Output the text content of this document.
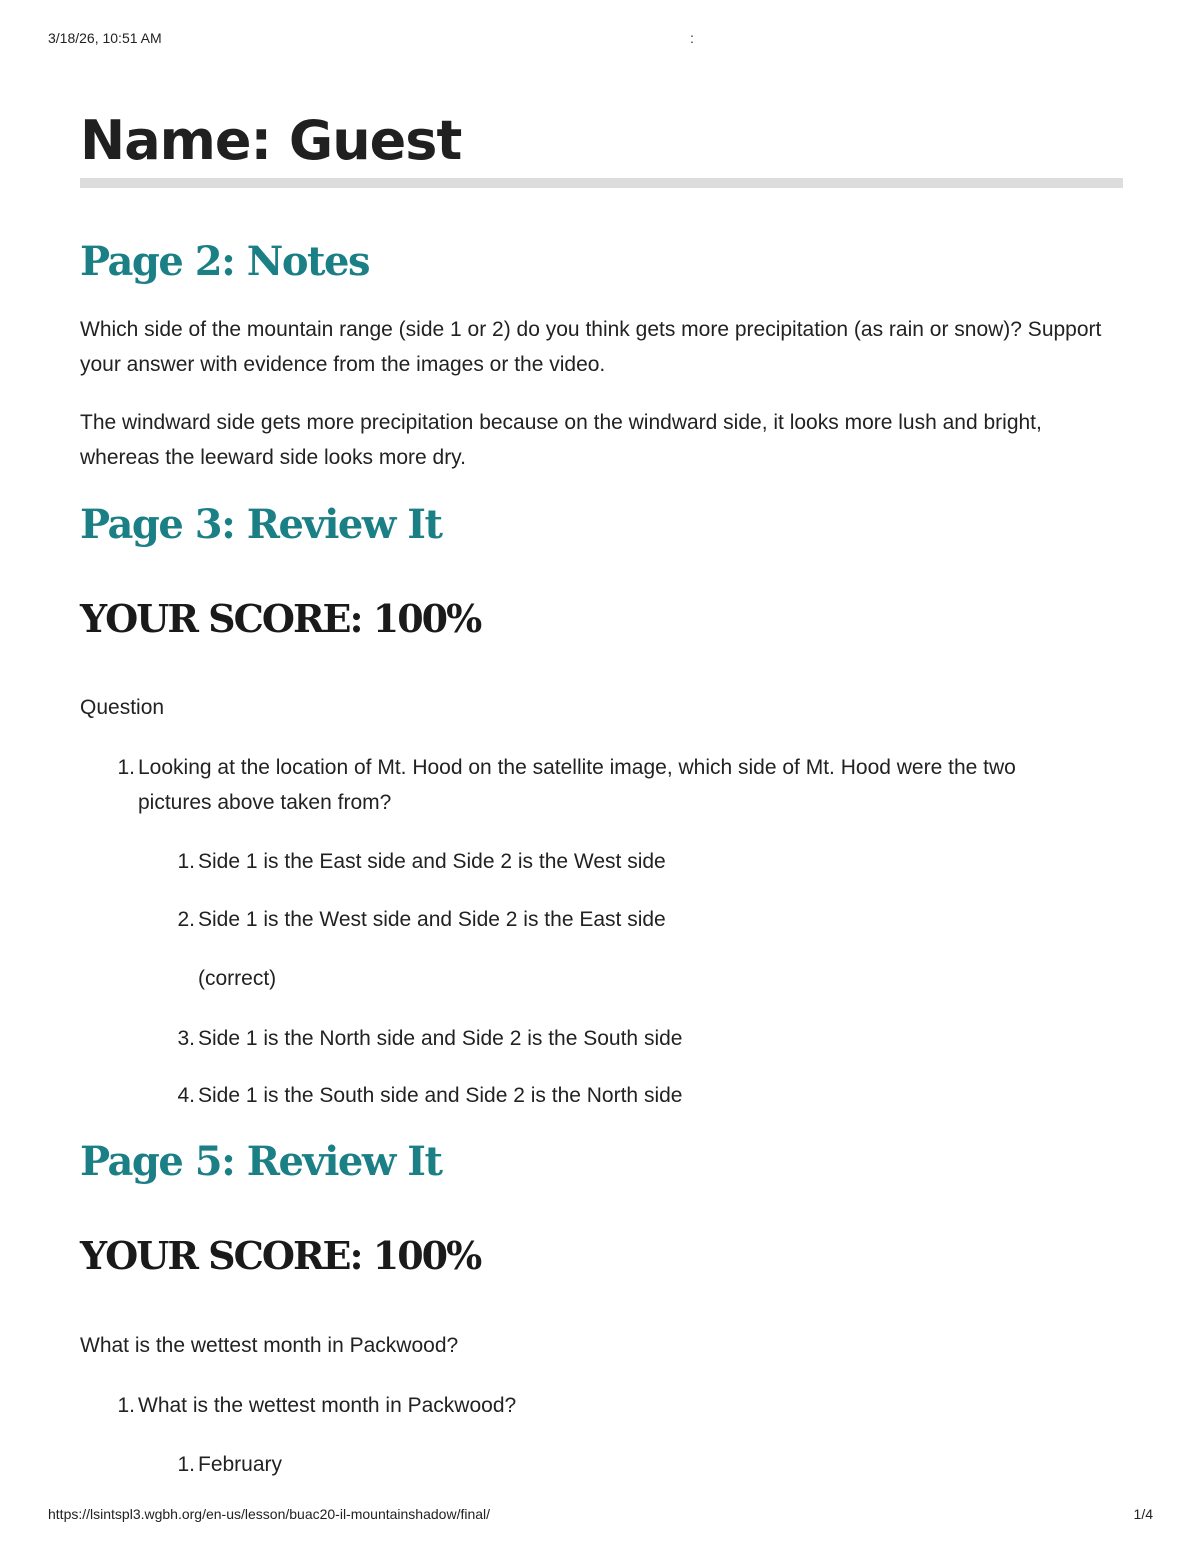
3/18/26, 10:51 AM	:
Name: Guest
Page 2: Notes

Which side of the mountain range (side 1 or 2) do you think gets more precipitation (as rain or snow)? Support your answer with evidence from the images or the video.

The windward side gets more precipitation because on the windward side, it looks more lush and bright, whereas the leeward side looks more dry.

Page 3: Review It
YOUR SCORE: 100%

Question

1. Looking at the location of Mt. Hood on the satellite image, which side of Mt. Hood were the two
pictures above taken from?
1. Side 1 is the East side and Side 2 is the West side
2. Side 1 is the West side and Side 2 is the East side
(correct)
3. Side 1 is the North side and Side 2 is the South side
4. Side 1 is the South side and Side 2 is the North side
Page 5: Review It
YOUR SCORE: 100%

What is the wettest month in Packwood?

1. What is the wettest month in Packwood?
1. February
https://lsintspl3.wgbh.org/en-us/lesson/buac20-il-mountainshadow/final/	1/4
